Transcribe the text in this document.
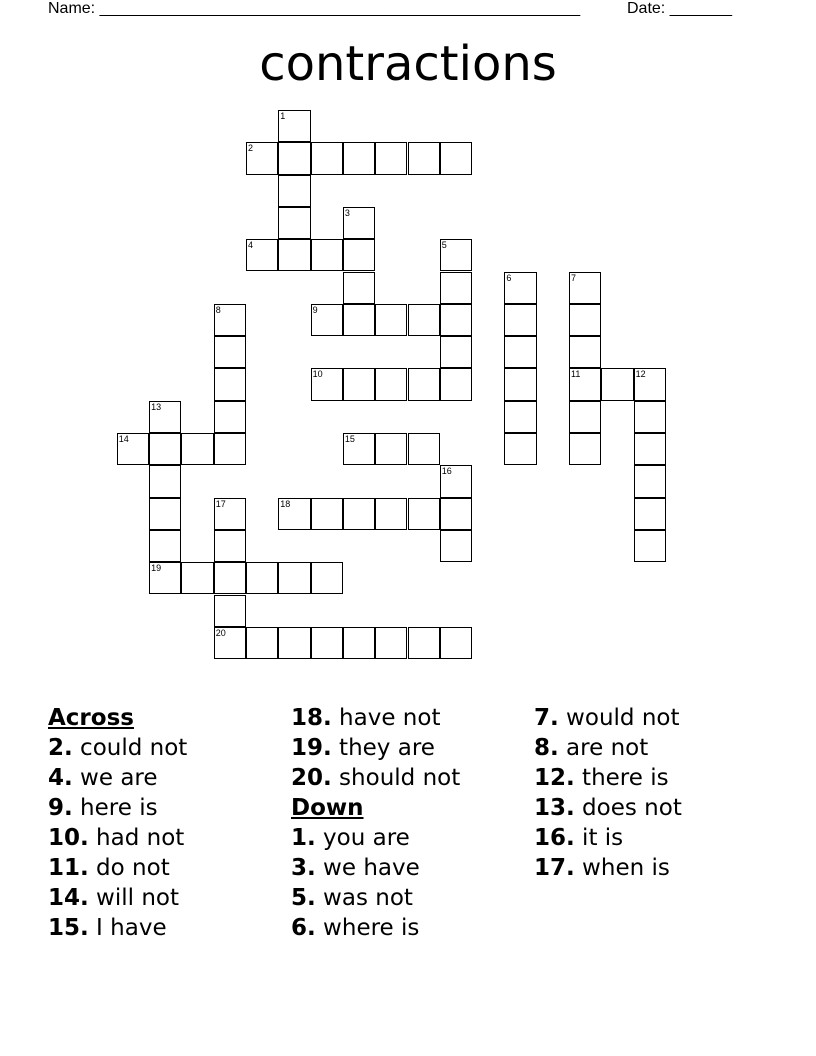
Name: ______________________________________________________	Date: _______
contractions
1
2
3
4	5
6	7
8	9
10	11	12
13
14	15
16
17	18
19
20
Across
2. could not
4. we are
9. here is
10. had not
11. do not
14. will not
15. I have
18. have not
19. they are
20. should not
Down
1. you are
3. we have
5. was not
6. where is
7. would not
8. are not
12. there is
13. does not
16. it is
17. when is
